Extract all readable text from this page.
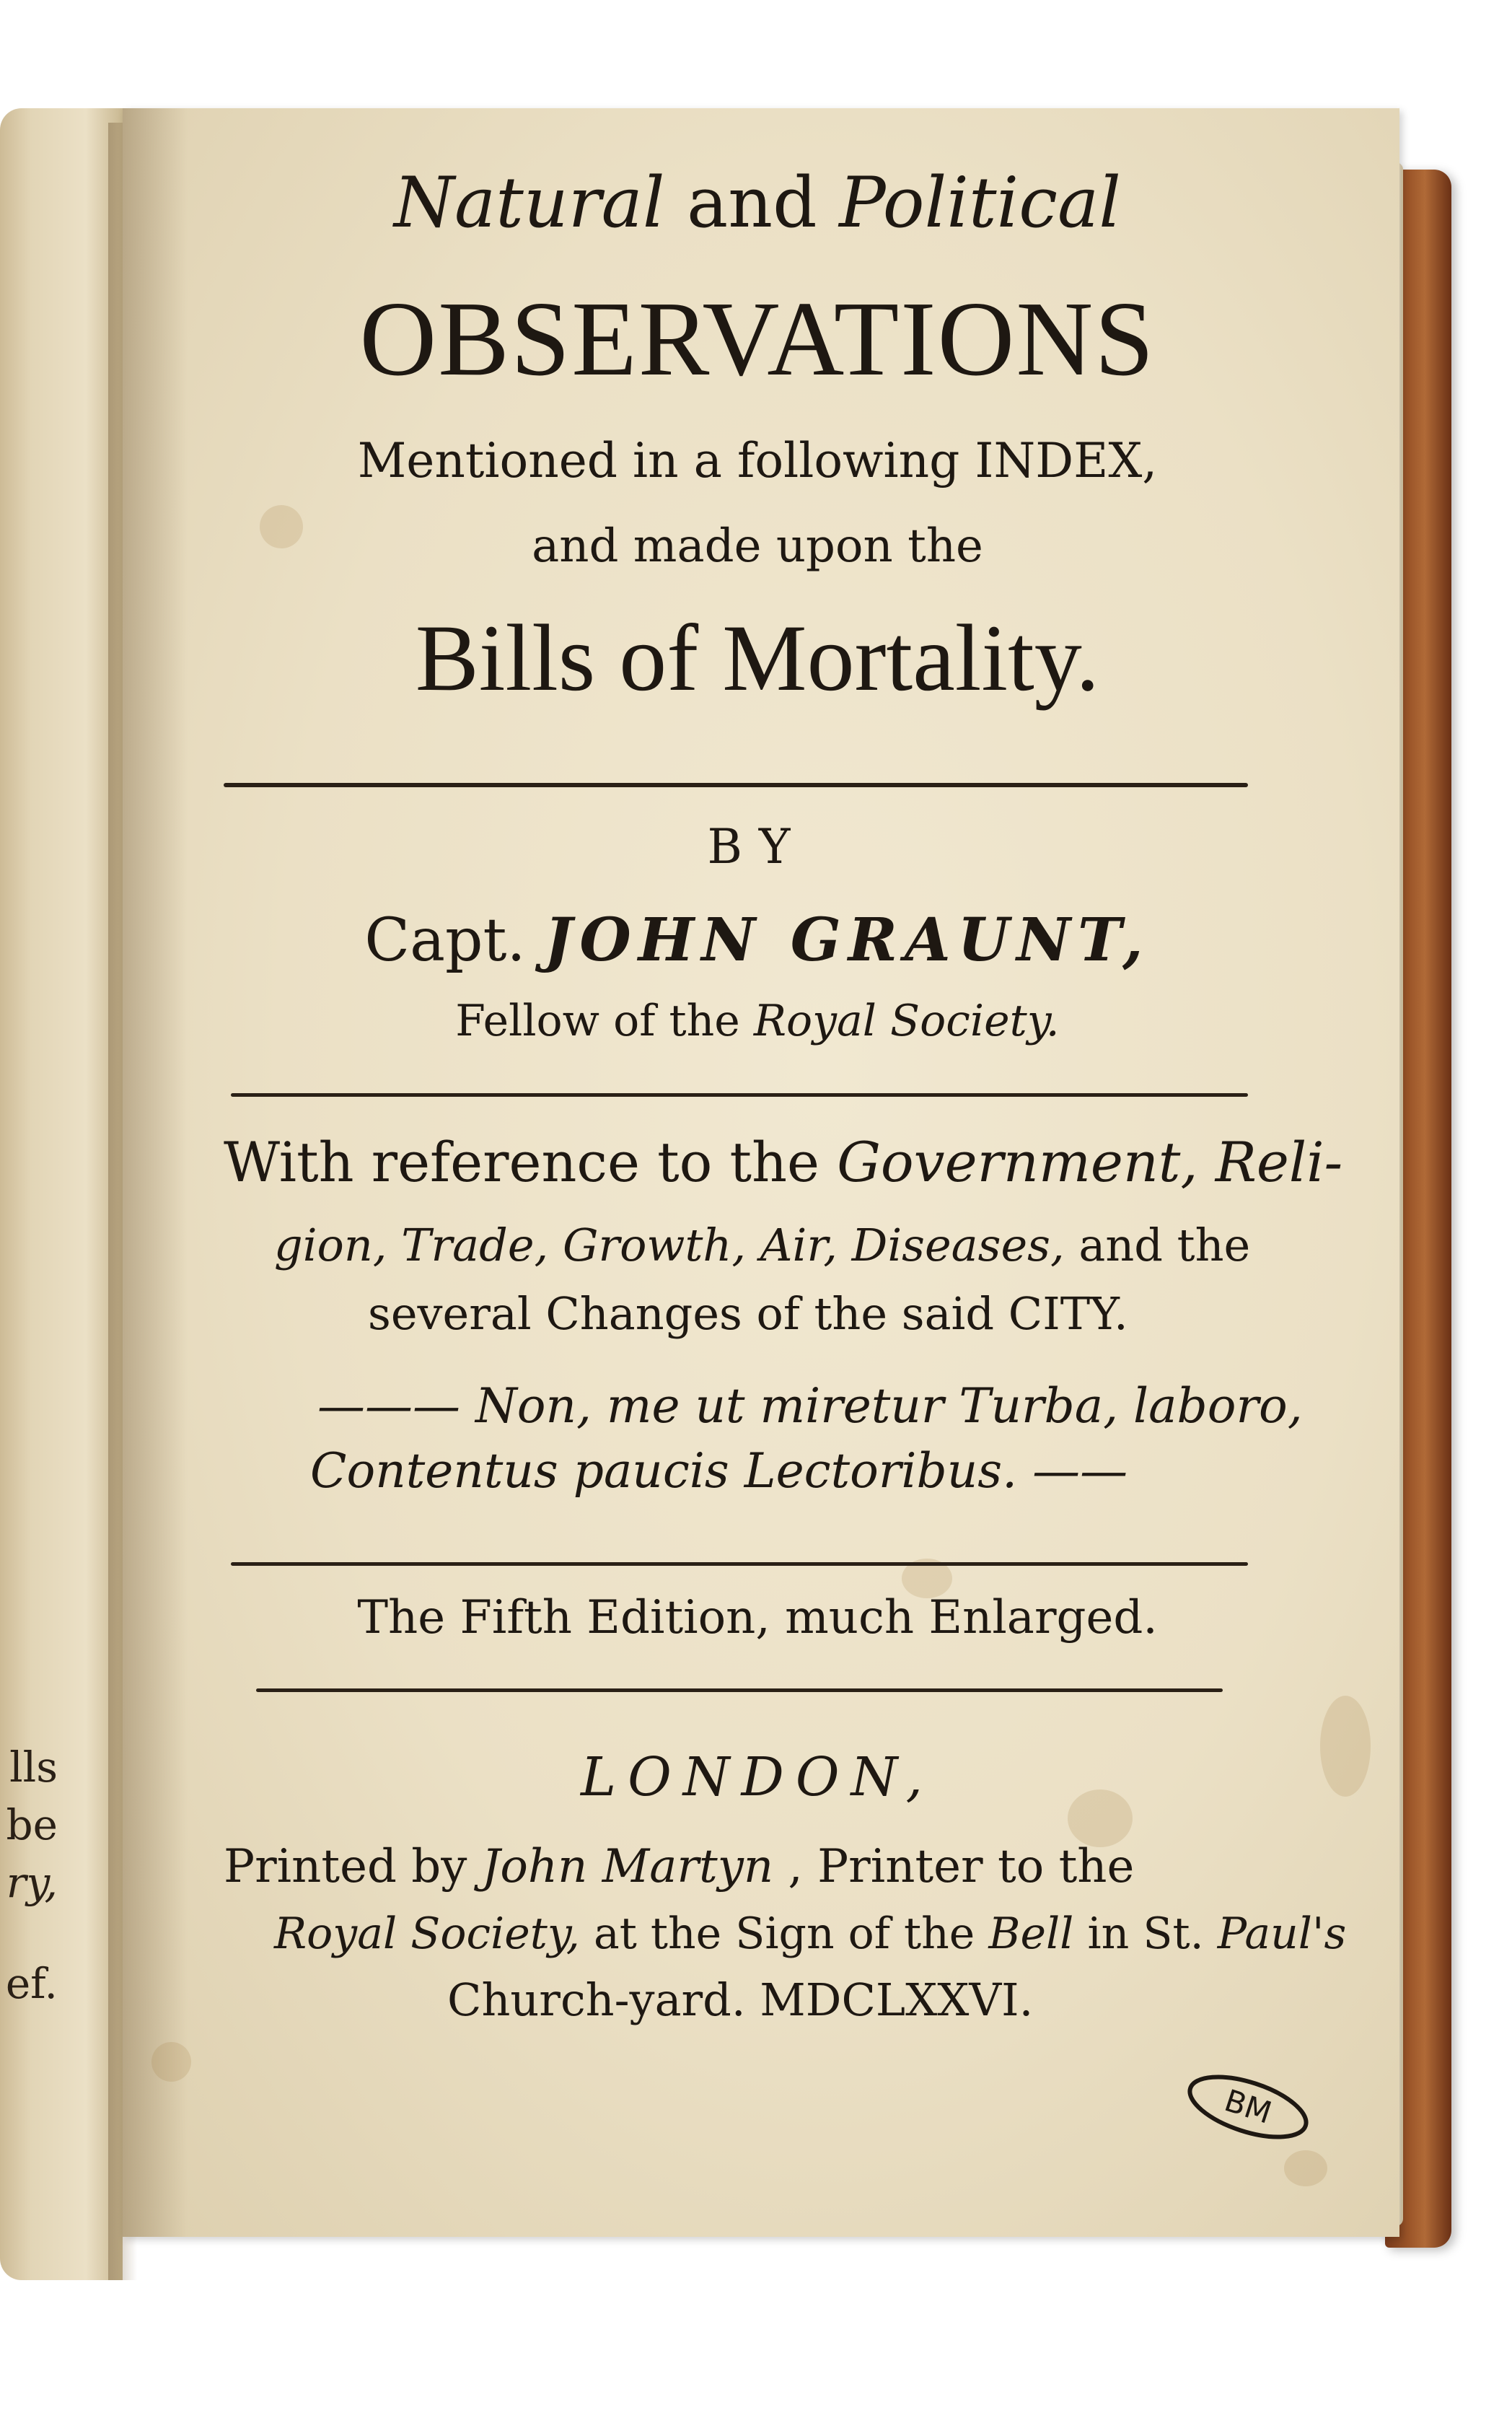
lls
be
ry,
ef.
Natural and Political
OBSERVATIONS
Mentioned in a following INDEX,
and made upon the
Bills of Mortality.
BY
Capt. JOHN GRAUNT,
Fellow of the Royal Society.
With reference to the Government, Reli-
gion, Trade, Growth, Air, Diseases, and the
several Changes of the said CITY.
——— Non, me ut miretur Turba, laboro,
Contentus paucis Lectoribus. ——
The Fifth Edition, much Enlarged.
LONDON,
Printed by John Martyn , Printer to the
Royal Society, at the Sign of the Bell in St. Paul's
Church-yard. MDCLXXVI.
BM
